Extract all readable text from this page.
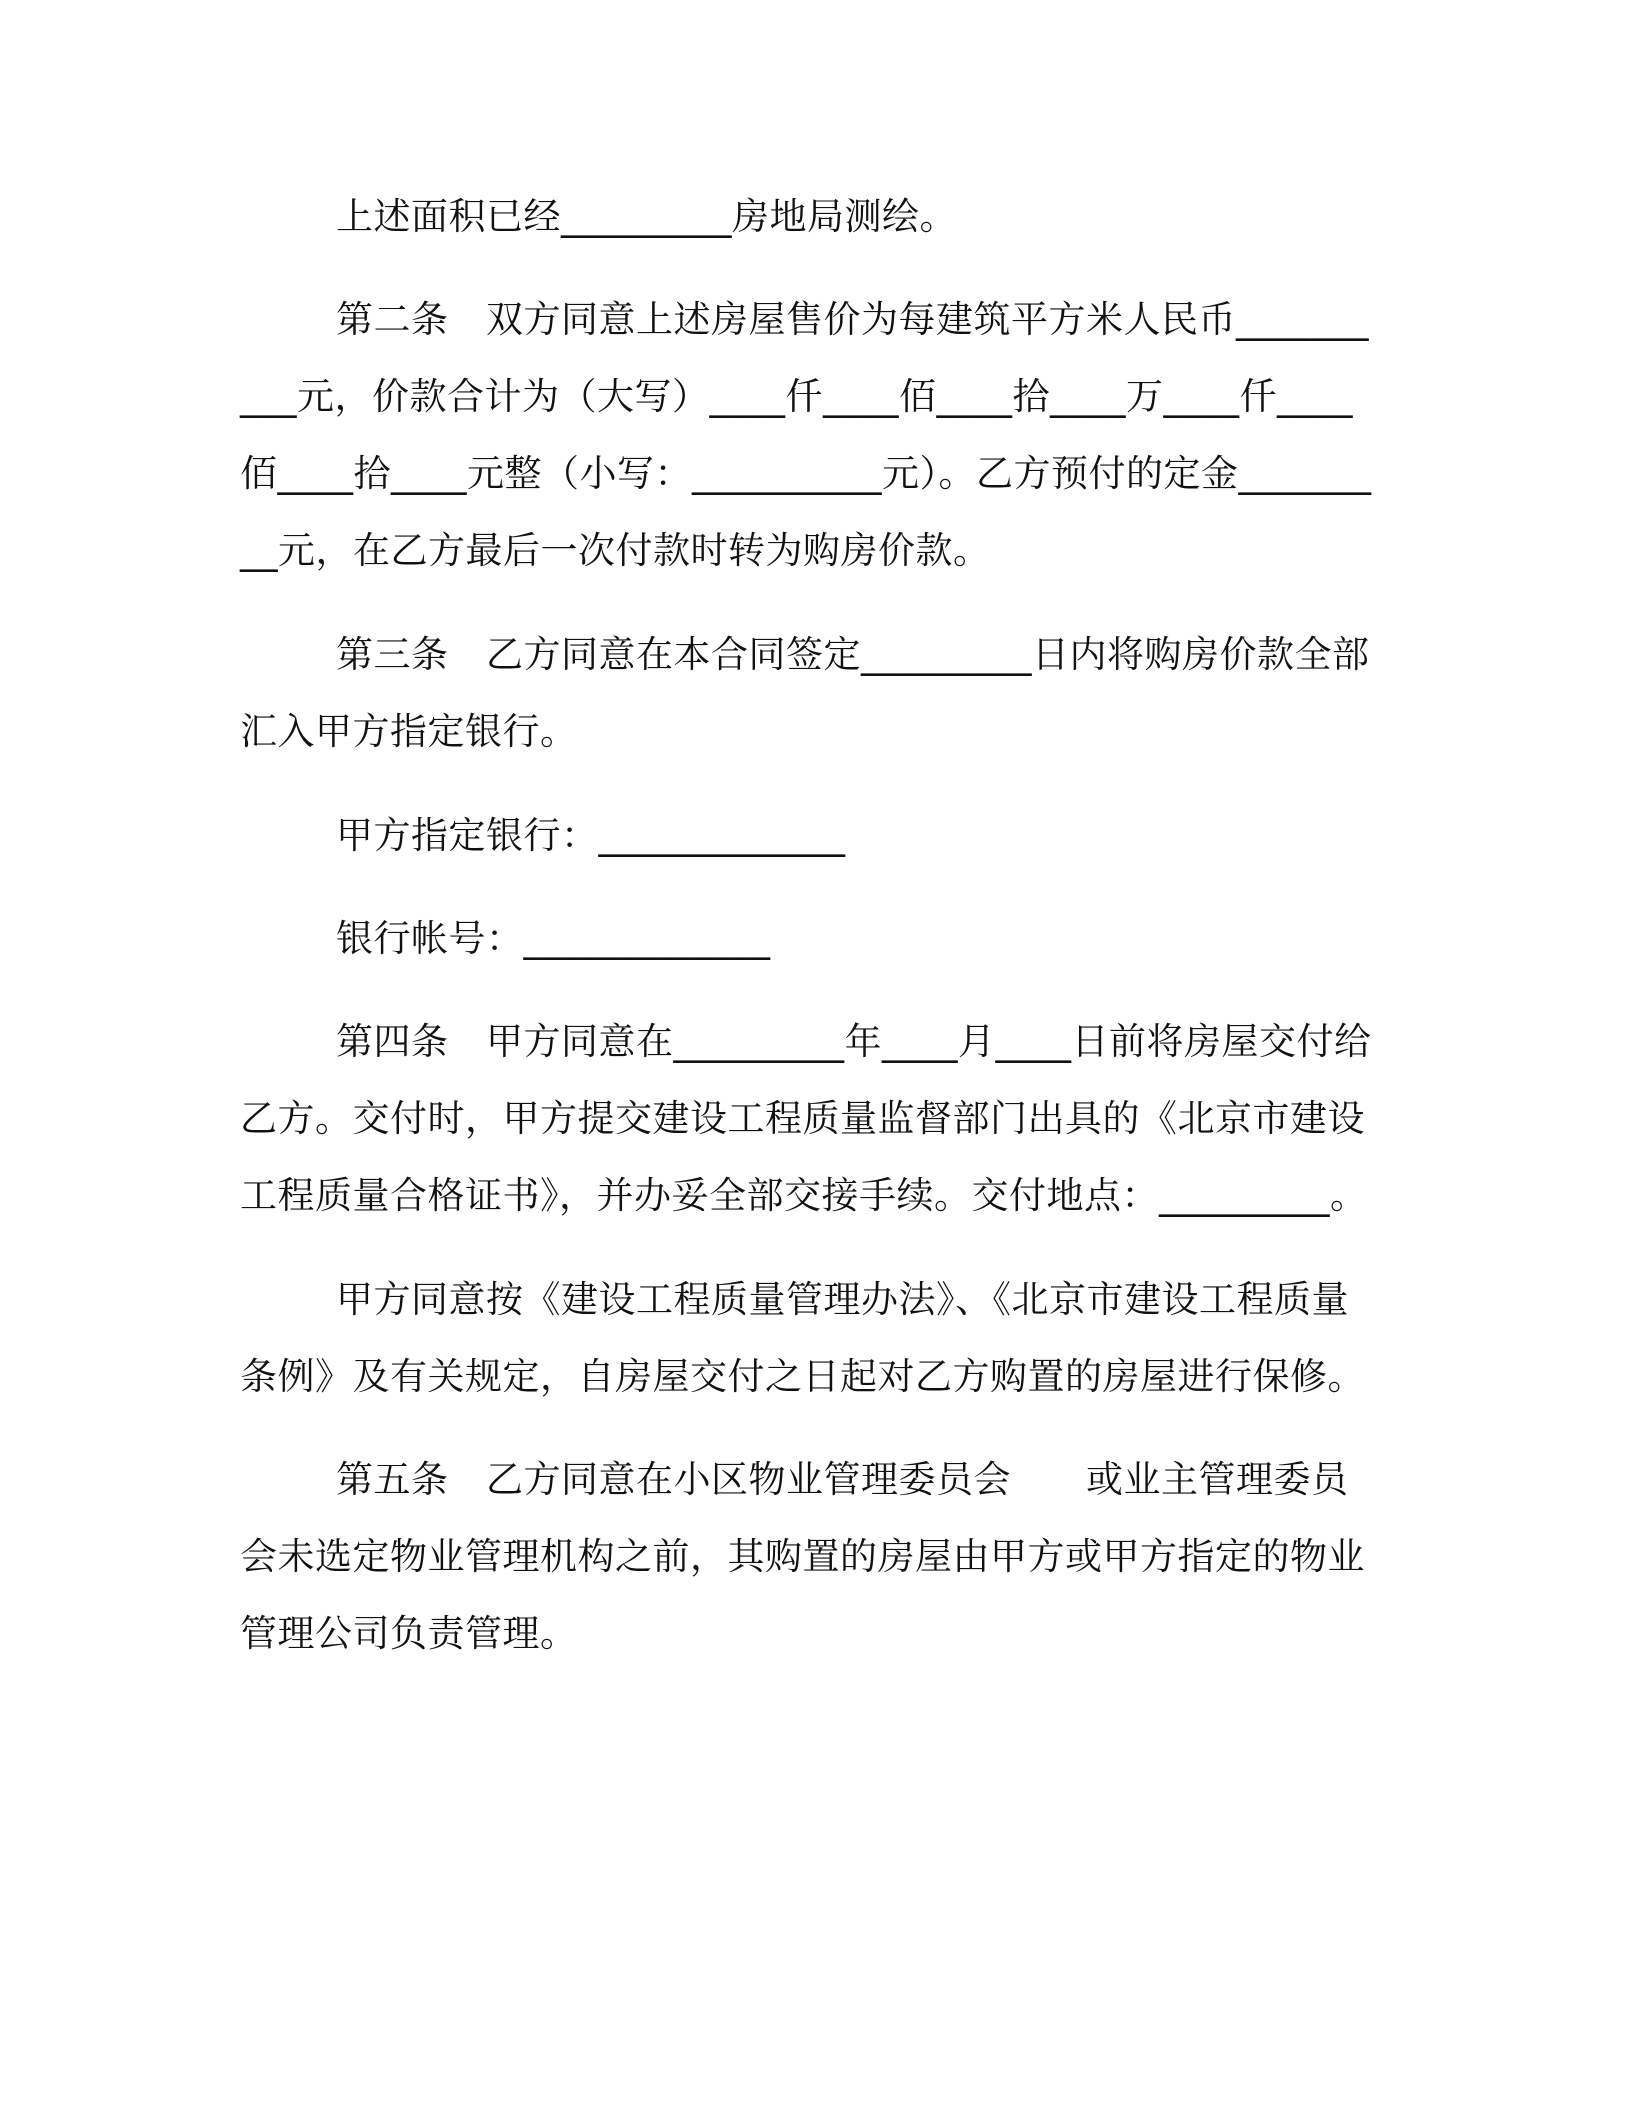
上述面积已经_________房地局测绘。

第二条　双方同意上述房屋售价为每建筑平方米人民币__________元，价款合计为（大写）____仟____佰____拾____万____仟____佰____拾____元整（小写：__________元）。乙方预付的定金_________元，在乙方最后一次付款时转为购房价款。

第三条　乙方同意在本合同签定_________日内将购房价款全部汇入甲方指定银行。

甲方指定银行：_____________

银行帐号：_____________

第四条　甲方同意在_________年____月____日前将房屋交付给乙方。交付时，甲方提交建设工程质量监督部门出具的《北京市建设工程质量合格证书》，并办妥全部交接手续。交付地点：_________。

甲方同意按《建设工程质量管理办法》、《北京市建设工程质量条例》及有关规定，自房屋交付之日起对乙方购置的房屋进行保修。

第五条　乙方同意在小区物业管理委员会　　或业主管理委员会未选定物业管理机构之前，其购置的房屋由甲方或甲方指定的物业管理公司负责管理。
